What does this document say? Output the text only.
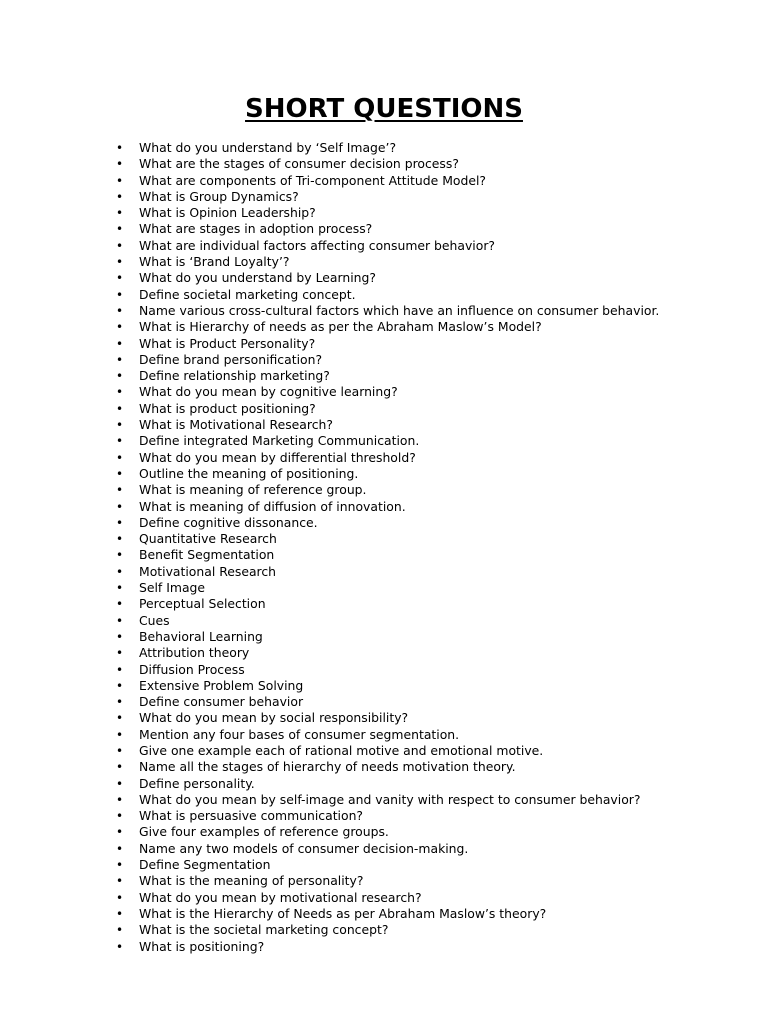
SHORT QUESTIONS
• What do you understand by ‘Self Image’?
• What are the stages of consumer decision process?
• What are components of Tri-component Attitude Model?
• What is Group Dynamics?
• What is Opinion Leadership?
• What are stages in adoption process?
• What are individual factors affecting consumer behavior?
• What is ‘Brand Loyalty’?
• What do you understand by Learning?
• Define societal marketing concept.
• Name various cross-cultural factors which have an influence on consumer behavior.
• What is Hierarchy of needs as per the Abraham Maslow’s Model?
• What is Product Personality?
• Define brand personification?
• Define relationship marketing?
• What do you mean by cognitive learning?
• What is product positioning?
• What is Motivational Research?
• Define integrated Marketing Communication.
• What do you mean by differential threshold?
• Outline the meaning of positioning.
• What is meaning of reference group.
• What is meaning of diffusion of innovation.
• Define cognitive dissonance.
• Quantitative Research
• Benefit Segmentation
• Motivational Research
• Self Image
• Perceptual Selection
• Cues
• Behavioral Learning
• Attribution theory
• Diffusion Process
• Extensive Problem Solving
• Define consumer behavior
• What do you mean by social responsibility?
• Mention any four bases of consumer segmentation.
• Give one example each of rational motive and emotional motive.
• Name all the stages of hierarchy of needs motivation theory.
• Define personality.
• What do you mean by self-image and vanity with respect to consumer behavior?
• What is persuasive communication?
• Give four examples of reference groups.
• Name any two models of consumer decision-making.
• Define Segmentation
• What is the meaning of personality?
• What do you mean by motivational research?
• What is the Hierarchy of Needs as per Abraham Maslow’s theory?
• What is the societal marketing concept?
• What is positioning?
